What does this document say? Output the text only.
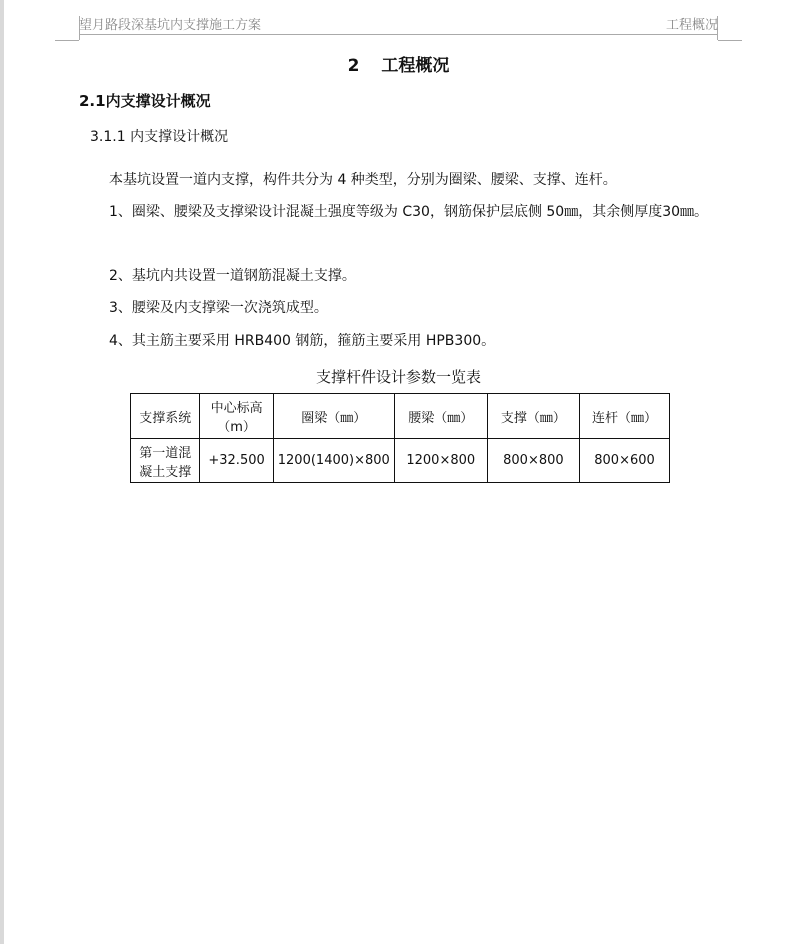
望月路段深基坑内支撑施工方案	工程概况
2 工程概况
2.1内支撑设计概况
3.1.1 内支撑设计概况
本基坑设置一道内支撑，构件共分为 4 种类型，分别为圈梁、腰梁、支撑、连杆。
1、圈梁、腰梁及支撑梁设计混凝土强度等级为 C30，钢筋保护层底侧 50㎜，其余侧厚度30㎜。
2、基坑内共设置一道钢筋混凝土支撑。
3、腰梁及内支撑梁一次浇筑成型。
4、其主筋主要采用 HRB400 钢筋，箍筋主要采用 HPB300。
支撑杆件设计参数一览表
支撑系统	中心标高（m）	圈梁（㎜）	腰梁（㎜）	支撑（㎜）	连杆（㎜）
第一道混凝土支撑	+32.500	1200(1400)×800	1200×800	800×800	800×600
